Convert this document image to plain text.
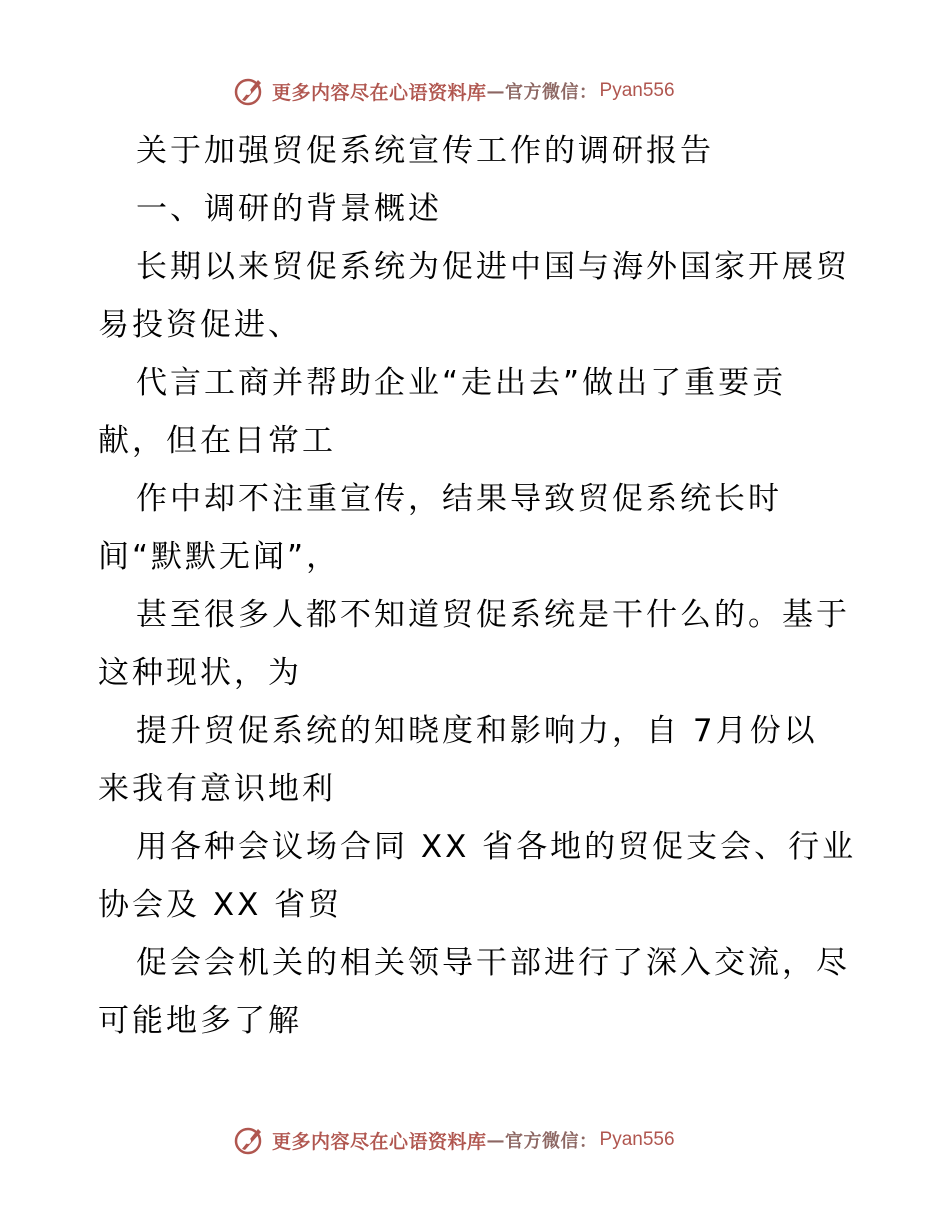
更多内容尽在心语资料库 — 官方微信： Pyan556
关于加强贸促系统宣传工作的调研报告
一、调研的背景概述
长期以来贸促系统为促进中国与海外国家开展贸
易投资促进、
代言工商并帮助企业“走出去”做出了重要贡
献，但在日常工
作中却不注重宣传，结果导致贸促系统长时
间“默默无闻”，
甚至很多人都不知道贸促系统是干什么的。基于
这种现状，为
提升贸促系统的知晓度和影响力，自 7月份以
来我有意识地利
用各种会议场合同 XX 省各地的贸促支会、行业
协会及 XX 省贸
促会会机关的相关领导干部进行了深入交流，尽
可能地多了解
更多内容尽在心语资料库 — 官方微信： Pyan556
